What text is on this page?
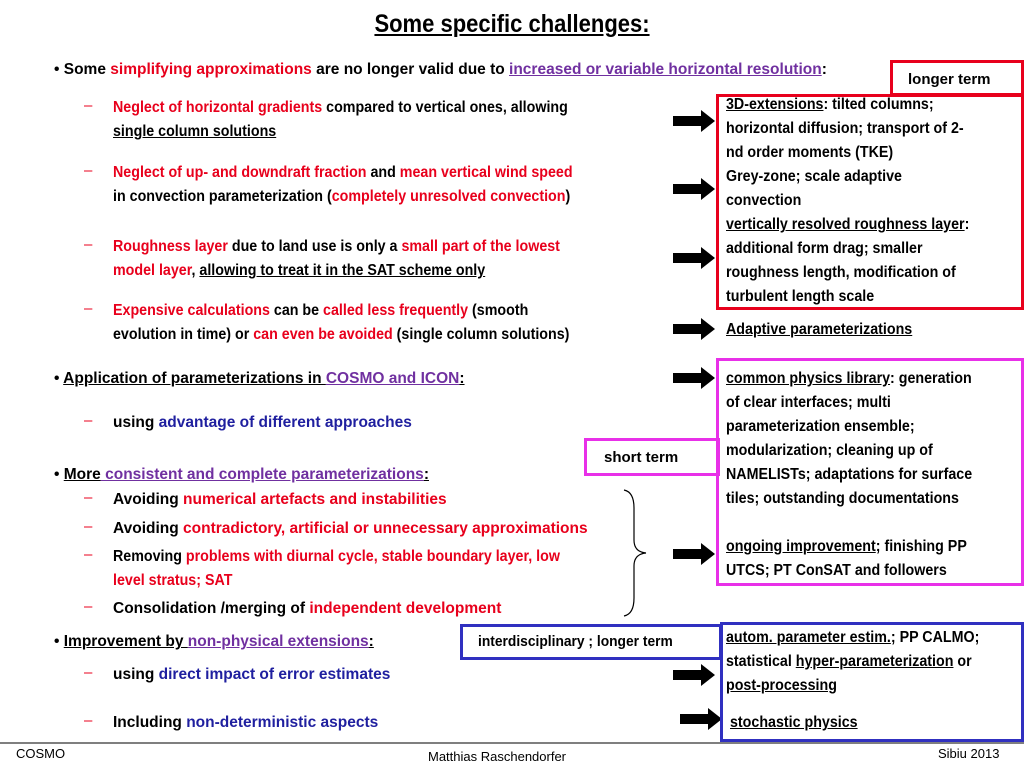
Some specific challenges:
• Some simplifying approximations are no longer valid due to increased or variable horizontal resolution:
– Neglect of horizontal gradients compared to vertical ones, allowing
single column solutions
– Neglect of up- and downdraft fraction and mean vertical wind speed
in convection parameterization (completely unresolved convection)
– Roughness layer due to land use is only a small part of the lowest
model layer, allowing to treat it in the SAT scheme only
– Expensive calculations can be called less frequently (smooth
evolution in time) or can even be avoided (single column solutions)
• Application of parameterizations in COSMO and ICON:
– using advantage of different approaches
• More consistent and complete parameterizations:
– Avoiding numerical artefacts and instabilities
– Avoiding contradictory, artificial or unnecessary approximations
– Removing problems with diurnal cycle, stable boundary layer, low
level stratus; SAT
– Consolidation /merging of independent development
• Improvement by non-physical extensions:
– using direct impact of error estimates
– Including non-deterministic aspects
longer term
3D-extensions: tilted columns;
horizontal diffusion; transport of 2-
nd order moments (TKE)
Grey-zone; scale adaptive
convection
vertically resolved roughness layer:
additional form drag; smaller
roughness length, modification of
turbulent length scale
Adaptive parameterizations
short term
common physics library: generation
of clear interfaces; multi
parameterization ensemble;
modularization; cleaning up of
NAMELISTs; adaptations for surface
tiles; outstanding documentations
ongoing improvement; finishing PP
UTCS; PT ConSAT and followers
interdisciplinary ; longer term	autom. parameter estim.; PP CALMO;
statistical hyper-parameterization or
post-processing
stochastic physics
COSMO	Matthias Raschendorfer	Sibiu 2013
